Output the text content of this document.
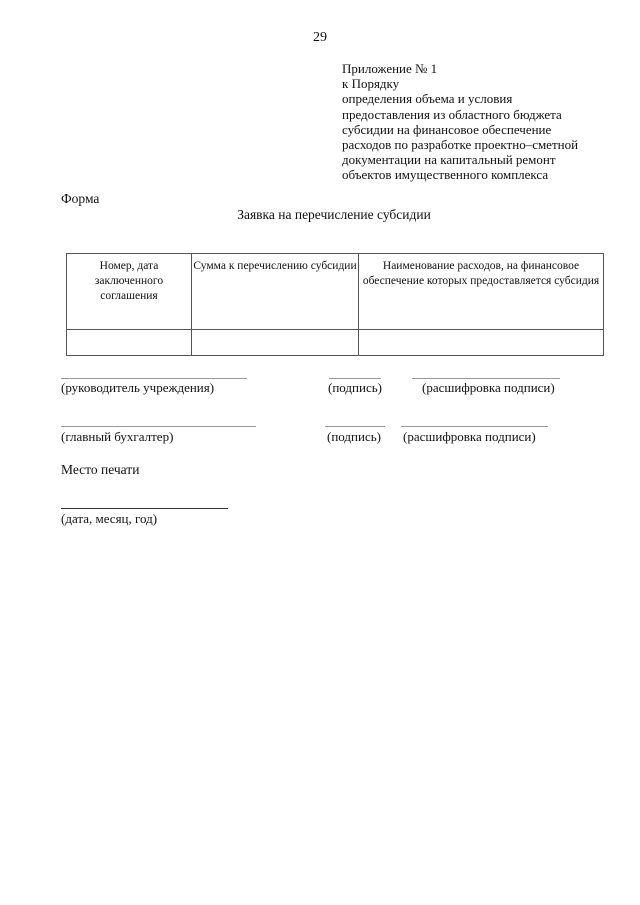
29
Приложение № 1
к Порядку
определения объема и условия
предоставления из областного бюджета
субсидии на финансовое обеспечение
расходов по разработке проектно–сметной
документации на капитальный ремонт
объектов имущественного комплекса
Форма
Заявка на перечисление субсидии
Номер, дата заключенного соглашения	Сумма к перечислению субсидии	Наименование расходов, на финансовое обеспечение которых предоставляется субсидия

(руководитель учреждения)	(подпись)	(расшифровка подписи)
(главный бухгалтер)	(подпись) (расшифровка подписи)
Место печати
(дата, месяц, год)
